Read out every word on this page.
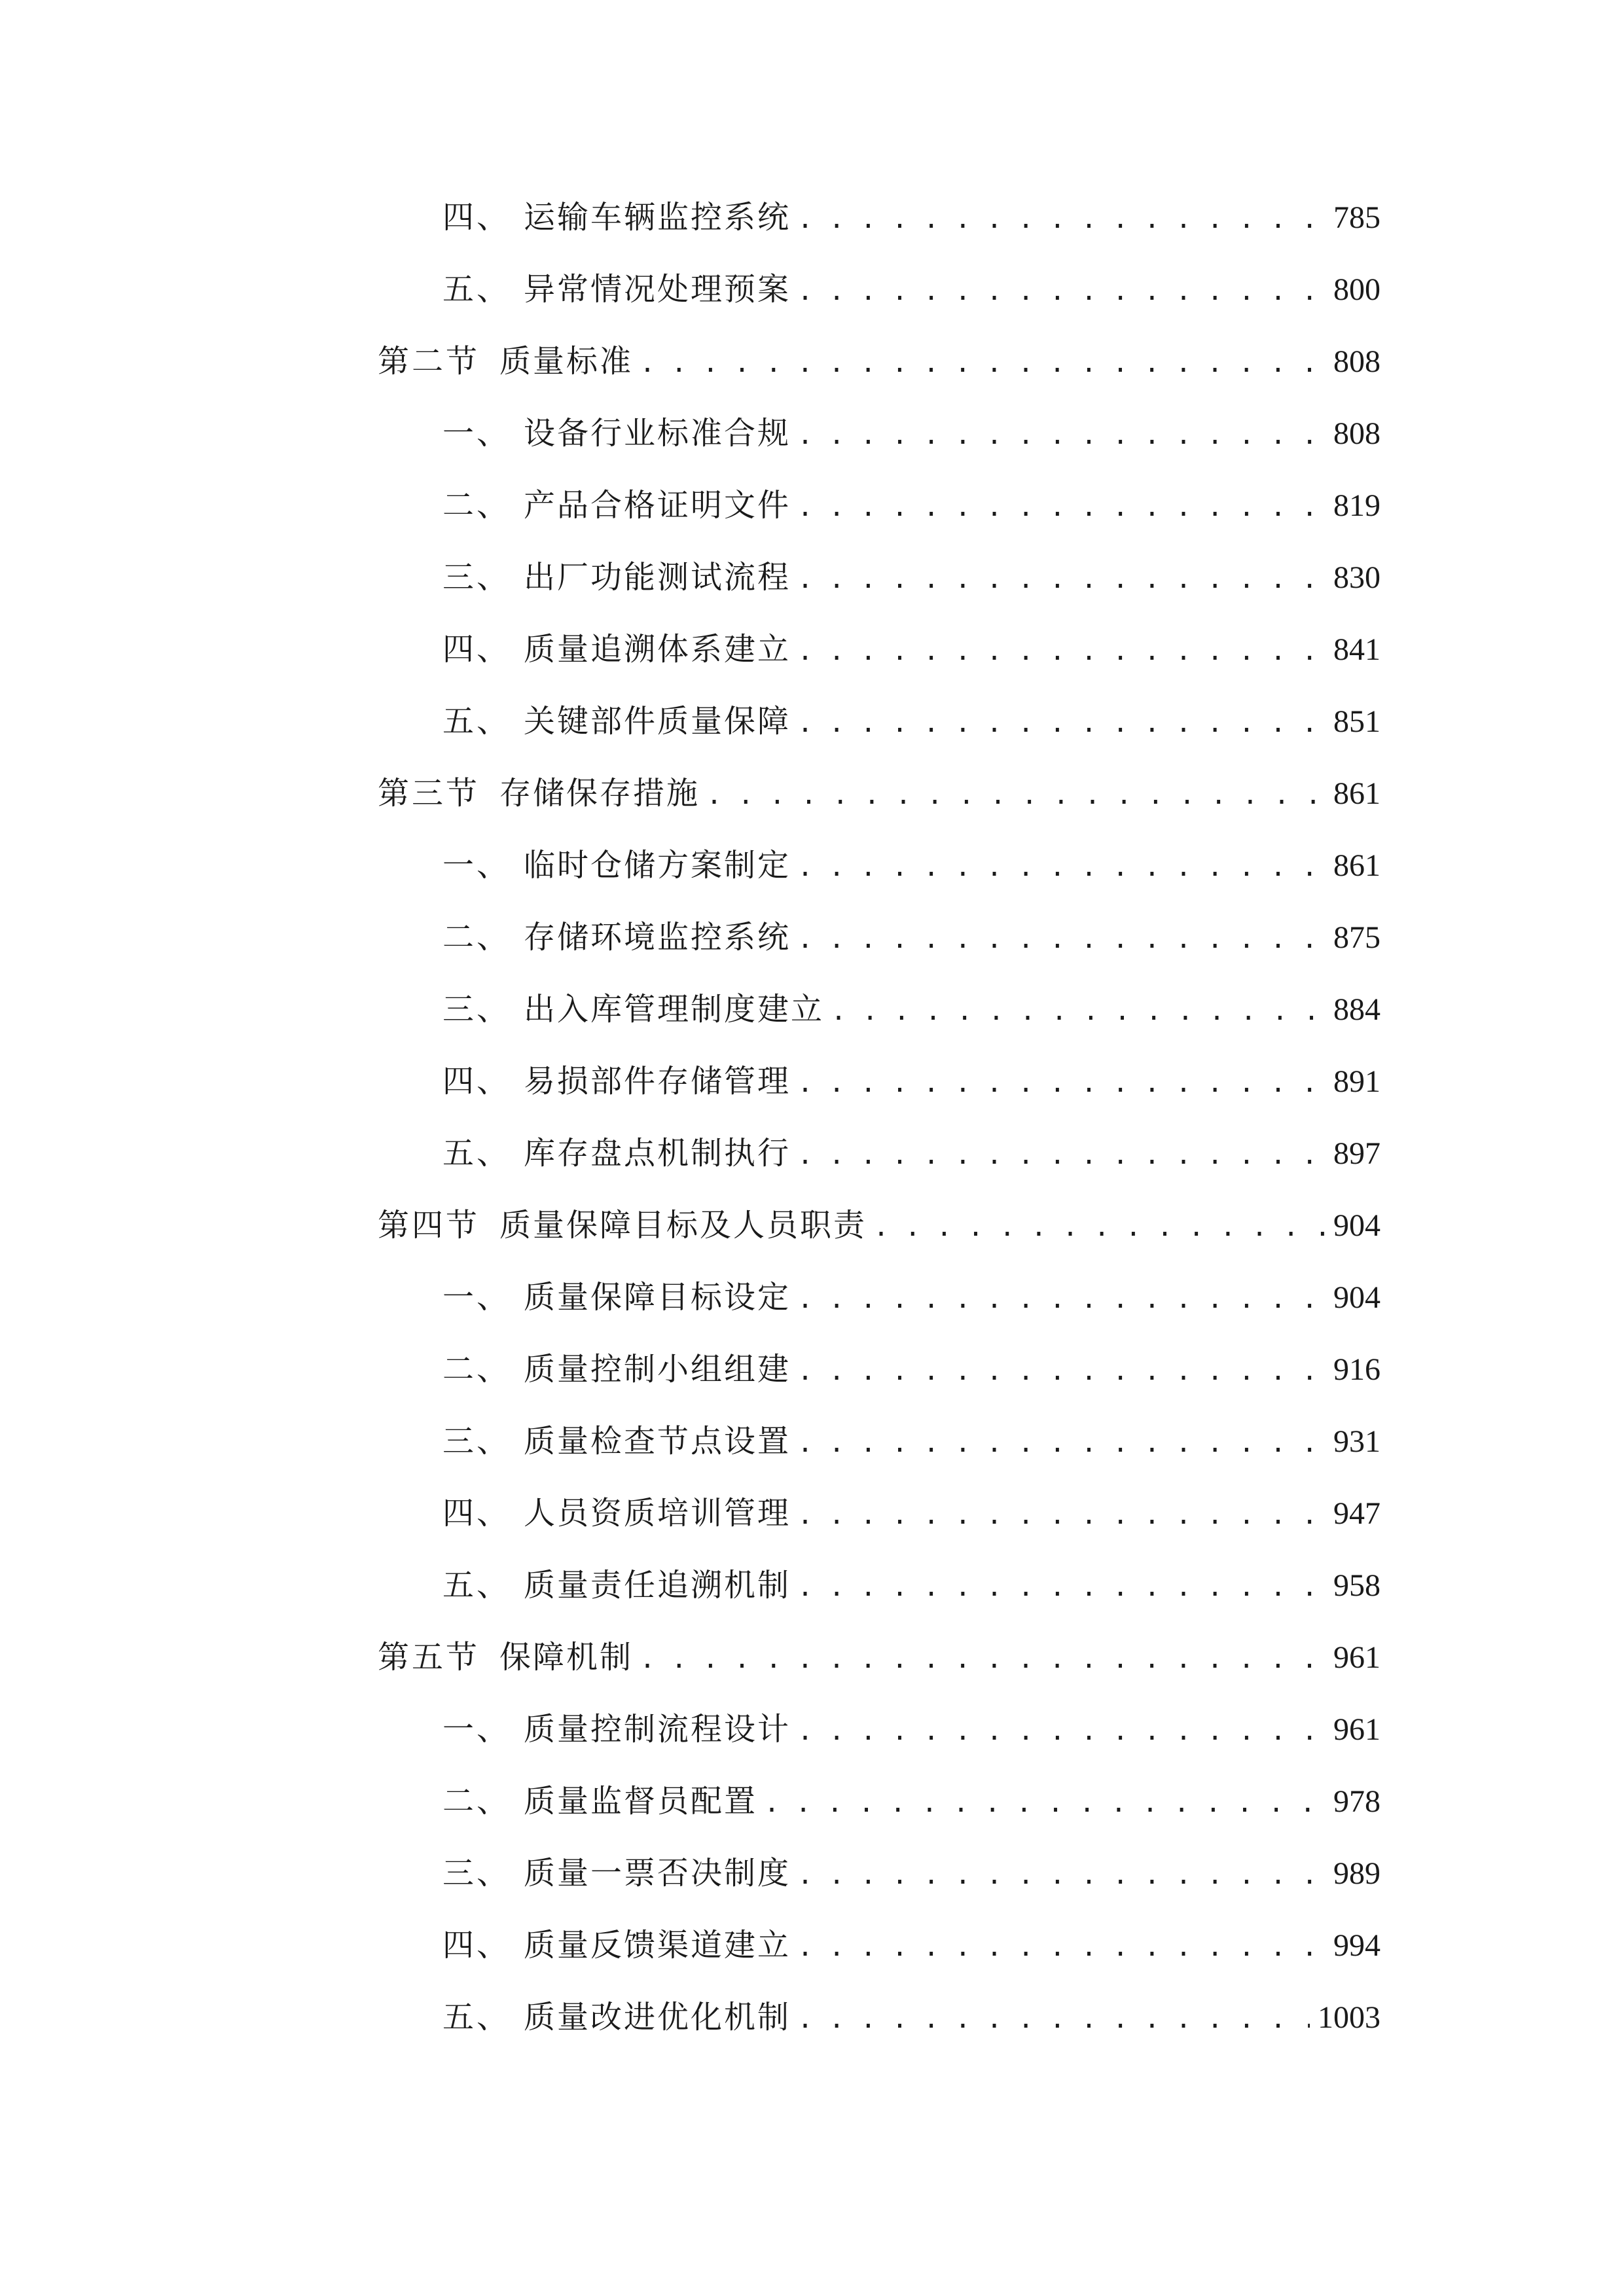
四、 运输车辆监控系统 . . .	785
五、 异常情况处理预案 . . .	800
第二节 质量标准 . . .	808
一、 设备行业标准合规 . . .	808
二、 产品合格证明文件 . . .	819
三、 出厂功能测试流程 . . .	830
四、 质量追溯体系建立 . . .	841
五、 关键部件质量保障 . . .	851
第三节 存储保存措施 . . .	861
一、 临时仓储方案制定 . . .	861
二、 存储环境监控系统 . . .	875
三、 出入库管理制度建立 . . .	884
四、 易损部件存储管理 . . .	891
五、 库存盘点机制执行 . . .	897
第四节 质量保障目标及人员职责 . . .	904
一、 质量保障目标设定 . . .	904
二、 质量控制小组组建 . . .	916
三、 质量检查节点设置 . . .	931
四、 人员资质培训管理 . . .	947
五、 质量责任追溯机制 . . .	958
第五节 保障机制 . . .	961
一、 质量控制流程设计 . . .	961
二、 质量监督员配置 . . .	978
三、 质量一票否决制度 . . .	989
四、 质量反馈渠道建立 . . .	994
五、 质量改进优化机制 . . .	1003
